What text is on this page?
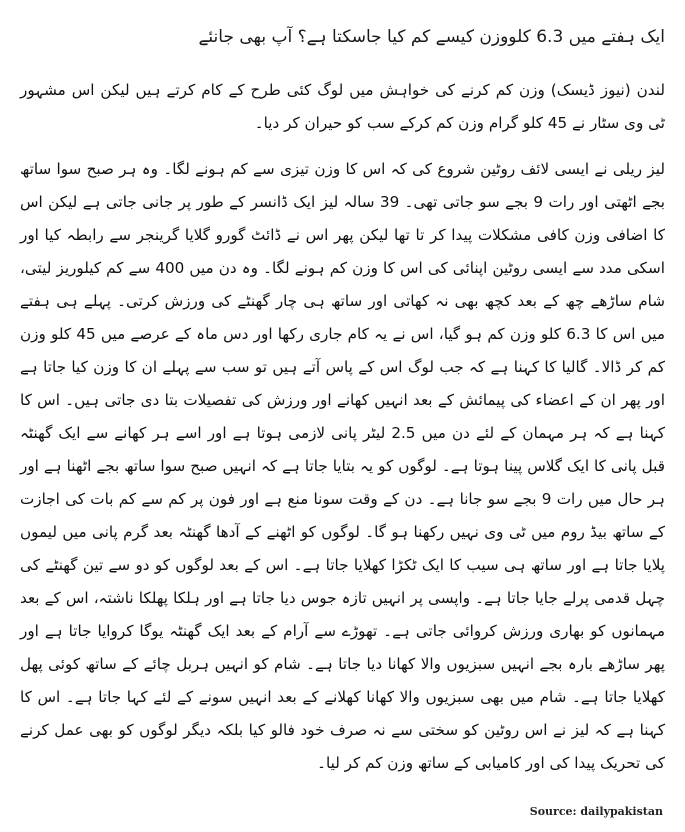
ایک ہفتے میں 6.3 کلووزن کیسے کم کیا جاسکتا ہے؟ آپ بھی جانئے

لندن (نیوز ڈیسک) وزن کم کرنے کی خواہش میں لوگ کئی طرح کے کام کرتے ہیں لیکن اس مشہور ٹی وی سٹار نے 45 کلو گرام وزن کم کرکے سب کو حیران کر دیا۔

لیز ریلی نے ایسی لائف روٹین شروع کی کہ اس کا وزن تیزی سے کم ہونے لگا۔ وہ ہر صبح سوا ساتھ بجے اٹھتی اور رات 9 بجے سو جاتی تھی۔ 39 سالہ لیز ایک ڈانسر کے طور پر جانی جاتی ہے لیکن اس کا اضافی وزن کافی مشکلات پیدا کر تا تھا لیکن پھر اس نے ڈائٹ گورو گلایا گرینجر سے رابطہ کیا اور اسکی مدد سے ایسی روٹین اپنائی کی اس کا وزن کم ہونے لگا۔ وہ دن میں 400 سے کم کیلوریز لیتی، شام ساڑھے چھ کے بعد کچھ بھی نہ کھاتی اور ساتھ ہی چار گھنٹے کی ورزش کرتی۔ پہلے ہی ہفتے میں اس کا 6.3 کلو وزن کم ہو گیا، اس نے یہ کام جاری رکھا اور دس ماہ کے عرصے میں 45 کلو وزن کم کر ڈالا۔ گالیا کا کہنا ہے کہ جب لوگ اس کے پاس آتے ہیں تو سب سے پہلے ان کا وزن کیا جاتا ہے اور پھر ان کے اعضاء کی پیمائش کے بعد انہیں کھانے اور ورزش کی تفصیلات بتا دی جاتی ہیں۔ اس کا کہنا ہے کہ ہر مہمان کے لئے دن میں 2.5 لیٹر پانی لازمی ہوتا ہے اور اسے ہر کھانے سے ایک گھنٹہ قبل پانی کا ایک گلاس پینا ہوتا ہے۔ لوگوں کو یہ بتایا جاتا ہے کہ انہیں صبح سوا ساتھ بجے اٹھنا ہے اور ہر حال میں رات 9 بجے سو جانا ہے۔ دن کے وقت سونا منع ہے اور فون پر کم سے کم بات کی اجازت کے ساتھ بیڈ روم میں ٹی وی نہیں رکھنا ہو گا۔ لوگوں کو اٹھنے کے آدھا گھنٹہ بعد گرم پانی میں لیموں پلایا جاتا ہے اور ساتھ ہی سیب کا ایک ٹکڑا کھلایا جاتا ہے۔ اس کے بعد لوگوں کو دو سے تین گھنٹے کی چہل قدمی پرلے جایا جاتا ہے۔ واپسی پر انہیں تازہ جوس دیا جاتا ہے اور ہلکا پھلکا ناشتہ، اس کے بعد مہمانوں کو بھاری ورزش کروائی جاتی ہے۔ تھوڑے سے آرام کے بعد ایک گھنٹہ یوگا کروایا جاتا ہے اور پھر ساڑھے بارہ بجے انہیں سبزیوں والا کھانا دیا جاتا ہے۔ شام کو انہیں ہربل چائے کے ساتھ کوئی پھل کھلایا جاتا ہے۔ شام میں بھی سبزیوں والا کھانا کھلانے کے بعد انہیں سونے کے لئے کہا جاتا ہے۔ اس کا کہنا ہے کہ لیز نے اس روٹین کو سختی سے نہ صرف خود فالو کیا بلکہ دیگر لوگوں کو بھی عمل کرنے کی تحریک پیدا کی اور کامیابی کے ساتھ وزن کم کر لیا۔

Source: dailypakistan
